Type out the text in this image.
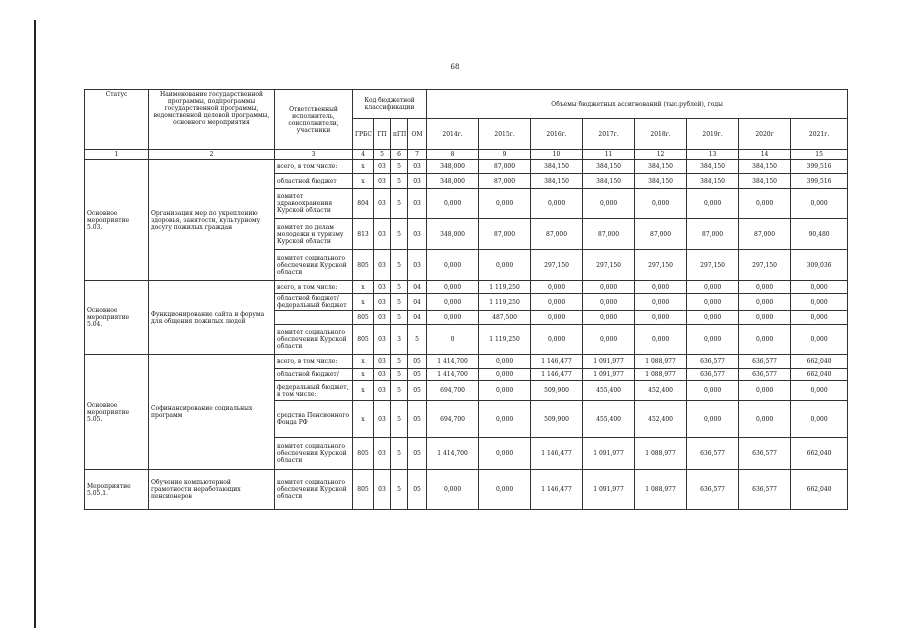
68
Статус	Наименование государственной программы, подпрограммы государственной программы, ведомственной целевой программы, основного мероприятия	Ответственный исполнитель, соисполнители, участники	Код бюджетной классификации				Объемы бюджетных ассигнований (тыс.рублей), годы							
			ГРБС	ГП	пГП	ОМ	2014г.	2015г.	2016г.	2017г.	2018г.	2019г.	2020г	2021г.
1	2	3	4	5	6	7	8	9	10	11	12	13	14	15
Основное мероприятие 5.03.	Организация мер по укреплению здоровья, занятости, культурному досугу пожилых граждан	всего, в том числе:	х	03	5	03	348,000	87,000	384,150	384,150	384,150	384,150	384,150	399,516
		областной бюджет	х	03	5	03	348,000	87,000	384,150	384,150	384,150	384,150	384,150	399,516
		комитет здравоохранения Курской области	804	03	5	03	0,000	0,000	0,000	0,000	0,000	0,000	0,000	0,000
		комитет по делам молодежи и туризму Курской области	813	03	5	03	348,000	87,000	87,000	87,000	87,000	87,000	87,000	90,480
		комитет социального обеспечения Курской области	805	03	5	03	0,000	0,000	297,150	297,150	297,150	297,150	297,150	309,036
Основное мероприятие 5.04.	Функционирование сайта и форума для общения пожилых людей	всего, в том числе:	х	03	5	04	0,000	1 119,250	0,000	0,000	0,000	0,000	0,000	0,000
		областной бюджет/ федеральный бюджет	х	03	5	04	0,000	1 119,250	0,000	0,000	0,000	0,000	0,000	0,000
			805	03	5	04	0,000	487,500	0,000	0,000	0,000	0,000	0,000	0,000
		комитет социального обеспечения Курской области	805	03	3	5	0	1 119,250	0,000	0,000	0,000	0,000	0,000	0,000
Основное мероприятие 5.05.	Софинансирование социальных программ	всего, в том числе:	х	03	5	05	1 414,700	0,000	1 146,477	1 091,977	1 088,977	636,577	636,577	662,040
		областной бюджет/	х	03	5	05	1 414,700	0,000	1 146,477	1 091,977	1 088,977	636,577	636,577	662,040
		федеральный бюджет, в том числе:	х	03	5	05	694,700	0,000	509,900	455,400	452,400	0,000	0,000	0,000
		средства Пенсионного Фонда РФ	х	03	5	05	694,700	0,000	509,900	455,400	452,400	0,000	0,000	0,000
		комитет социального обеспечения Курской области	805	03	5	05	1 414,700	0,000	1 146,477	1 091,977	1 088,977	636,577	636,577	662,040
Мероприятие 5.05.1.	Обучение компьютерной грамотности неработающих пенсионеров	комитет социального обеспечения Курской области	805	03	5	05	0,000	0,000	1 146,477	1 091,977	1 088,977	636,577	636,577	662,040
